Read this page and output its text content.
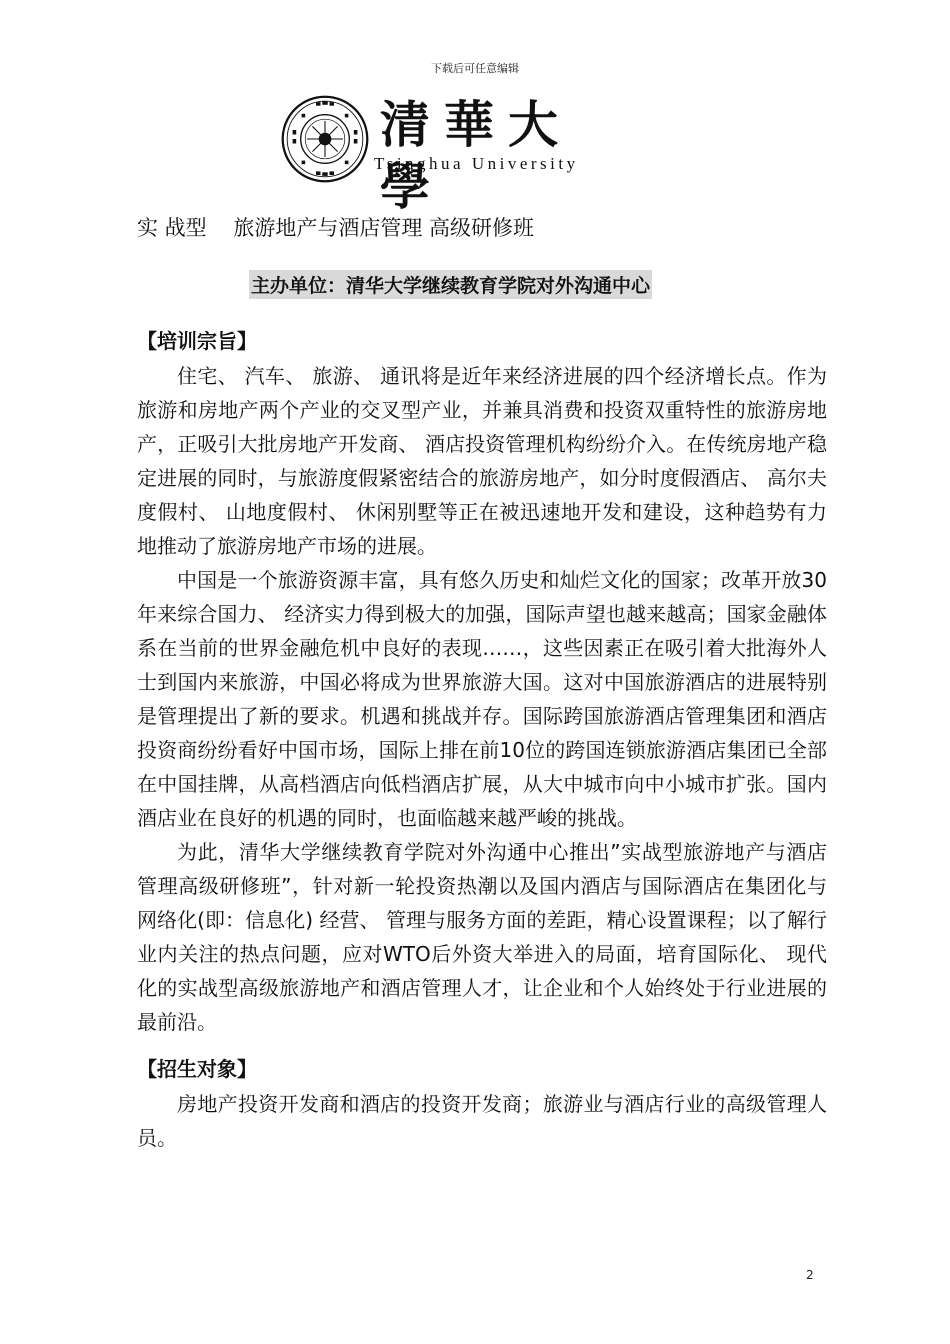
下载后可任意编辑
清華大學
Tsinghua University
实 战型    旅游地产与酒店管理 高级研修班
主办单位：清华大学继续教育学院对外沟通中心
【培训宗旨】

住宅、 汽车、 旅游、 通讯将是近年来经济进展的四个经济增长点。作为旅游和房地产两个产业的交叉型产业，并兼具消费和投资双重特性的旅游房地产，正吸引大批房地产开发商、 酒店投资管理机构纷纷介入。在传统房地产稳定进展的同时，与旅游度假紧密结合的旅游房地产，如分时度假酒店、 高尔夫度假村、 山地度假村、 休闲别墅等正在被迅速地开发和建设，这种趋势有力地推动了旅游房地产市场的进展。

中国是一个旅游资源丰富，具有悠久历史和灿烂文化的国家；改革开放30年来综合国力、 经济实力得到极大的加强，国际声望也越来越高；国家金融体系在当前的世界金融危机中良好的表现……，这些因素正在吸引着大批海外人士到国内来旅游，中国必将成为世界旅游大国。这对中国旅游酒店的进展特别是管理提出了新的要求。机遇和挑战并存。国际跨国旅游酒店管理集团和酒店投资商纷纷看好中国市场，国际上排在前10位的跨国连锁旅游酒店集团已全部在中国挂牌，从高档酒店向低档酒店扩展，从大中城市向中小城市扩张。国内酒店业在良好的机遇的同时，也面临越来越严峻的挑战。

为此，清华大学继续教育学院对外沟通中心推出”实战型旅游地产与酒店管理高级研修班”，针对新一轮投资热潮以及国内酒店与国际酒店在集团化与网络化(即：信息化) 经营、 管理与服务方面的差距，精心设置课程；以了解行业内关注的热点问题，应对WTO后外资大举进入的局面，培育国际化、 现代化的实战型高级旅游地产和酒店管理人才，让企业和个人始终处于行业进展的最前沿。

【招生对象】

房地产投资开发商和酒店的投资开发商；旅游业与酒店行业的高级管理人员。

2
